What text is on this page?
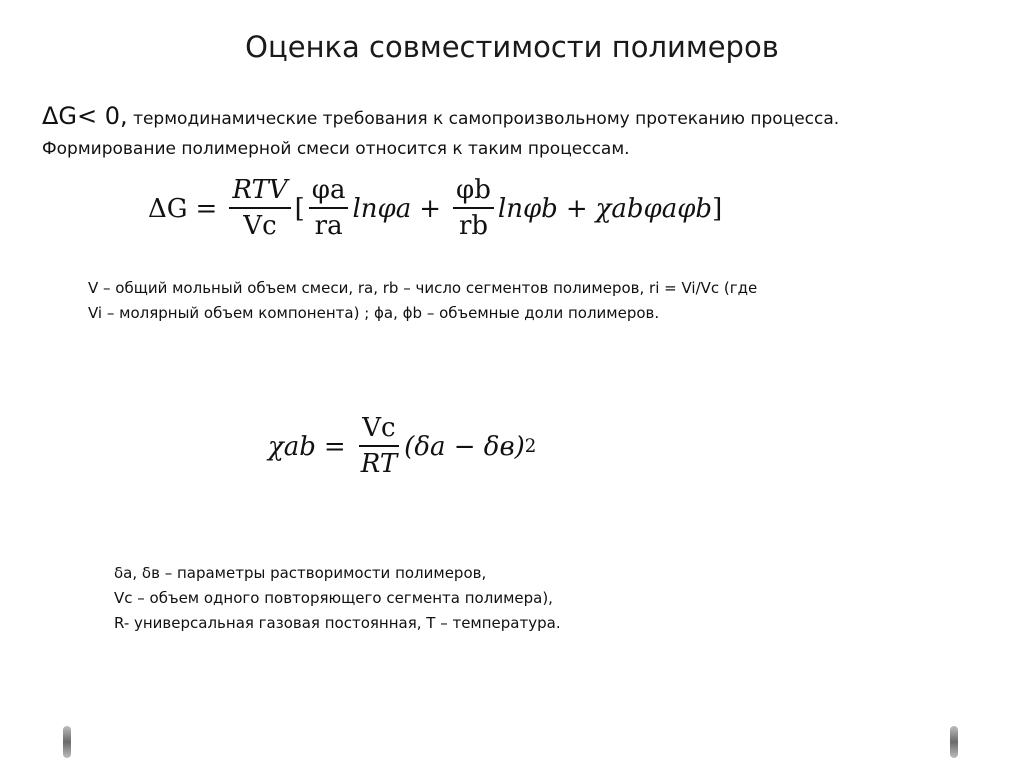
Оценка совместимости полимеров
ΔG< 0, термодинамические требования к самопроизвольному протеканию процесса.
Формирование полимерной смеси относится к таким процессам.
$\Delta G = \frac{\text{RTV}}{Vc}$ [ $\frac{\varphi a}{ra}$ $\ln\varphi a + \frac{\varphi b}{rb}$ lnφb + χabφaφb ]
V – общий мольный объем смеси, ra, rb – число сегментов полимеров, ri = Vi/Vc (где
Vi – молярный объем компонента) ; ϕa, ϕb – объемные доли полимеров.
$\chi ab = \frac{Vc}{RT} (\delta а - \delta в)$ 2
δа, δв – параметры растворимости полимеров,
Vс – объем одного повторяющего сегмента полимера),
R- универсальная газовая постоянная, Т – температура.
